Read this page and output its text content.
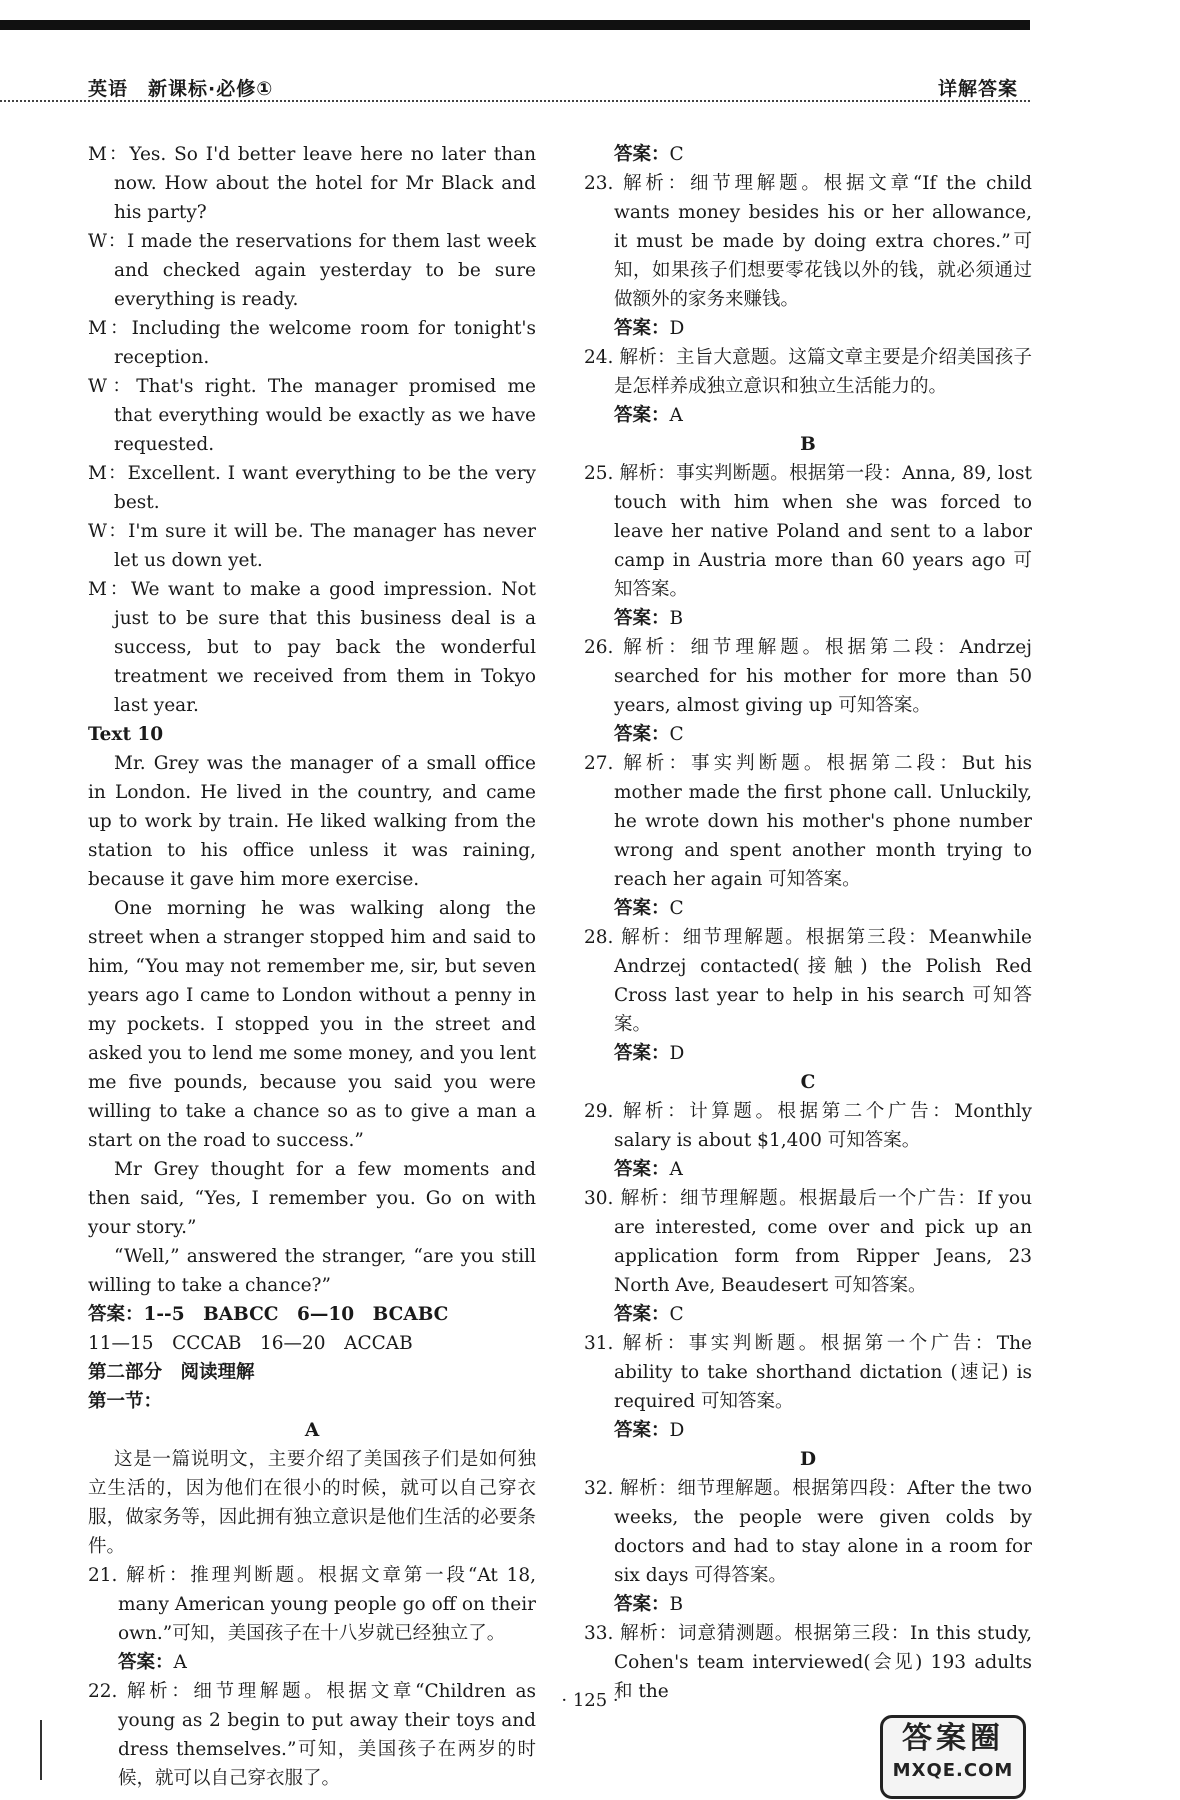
英语　新课标·必修①	详解答案

M：Yes. So I'd better leave here no later than now. How about the hotel for Mr Black and his party?

W：I made the reservations for them last week and checked again yesterday to be sure everything is ready.

M：Including the welcome room for tonight's reception.

W：That's right. The manager promised me that everything would be exactly as we have requested.

M：Excellent. I want everything to be the very best.

W：I'm sure it will be. The manager has never let us down yet.

M：We want to make a good impression. Not just to be sure that this business deal is a success, but to pay back the wonderful treatment we received from them in Tokyo last year.

Text 10

Mr. Grey was the manager of a small office in London. He lived in the country, and came up to work by train. He liked walking from the station to his office unless it was raining, because it gave him more exercise.

One morning he was walking along the street when a stranger stopped him and said to him, “You may not remember me, sir, but seven years ago I came to London without a penny in my pockets. I stopped you in the street and asked you to lend me some money, and you lent me five pounds, because you said you were willing to take a chance so as to give a man a start on the road to success.”

Mr Grey thought for a few moments and then said, “Yes, I remember you. Go on with your story.”

“Well,” answered the stranger, “are you still willing to take a chance?”

答案：1--5　BABCC　6—10　BCABC

11—15　CCCAB　16—20　ACCAB

第二部分　阅读理解

第一节：

A

这是一篇说明文，主要介绍了美国孩子们是如何独立生活的，因为他们在很小的时候，就可以自己穿衣服，做家务等，因此拥有独立意识是他们生活的必要条件。

21. 解析：推理判断题。根据文章第一段“At 18, many American young people go off on their own.”可知，美国孩子在十八岁就已经独立了。

答案：A

22. 解析：细节理解题。根据文章“Children as young as 2 begin to put away their toys and dress themselves.”可知，美国孩子在两岁的时候，就可以自己穿衣服了。

答案：C

23. 解析：细节理解题。根据文章“If the child wants money besides his or her allowance, it must be made by doing extra chores.”可知，如果孩子们想要零花钱以外的钱，就必须通过做额外的家务来赚钱。

答案：D

24. 解析：主旨大意题。这篇文章主要是介绍美国孩子是怎样养成独立意识和独立生活能力的。

答案：A

B

25. 解析：事实判断题。根据第一段：Anna, 89, lost touch with him when she was forced to leave her native Poland and sent to a labor camp in Austria more than 60 years ago 可知答案。

答案：B

26. 解析：细节理解题。根据第二段：Andrzej searched for his mother for more than 50 years, almost giving up 可知答案。

答案：C

27. 解析：事实判断题。根据第二段：But his mother made the first phone call. Unluckily, he wrote down his mother's phone number wrong and spent another month trying to reach her again 可知答案。

答案：C

28. 解析：细节理解题。根据第三段：Meanwhile Andrzej contacted(接触) the Polish Red Cross last year to help in his search 可知答案。

答案：D

C

29. 解析：计算题。根据第二个广告：Monthly salary is about $1,400 可知答案。

答案：A

30. 解析：细节理解题。根据最后一个广告：If you are interested, come over and pick up an application form from Ripper Jeans, 23 North Ave, Beaudesert 可知答案。

答案：C

31. 解析：事实判断题。根据第一个广告：The ability to take shorthand dictation (速记) is required 可知答案。

答案：D

D

32. 解析：细节理解题。根据第四段：After the two weeks, the people were given colds by doctors and had to stay alone in a room for six days 可得答案。

答案：B

33. 解析：词意猜测题。根据第三段：In this study, Cohen's team interviewed(会见) 193 adults 和 the

· 125 ·
答案圈
MXQE.COM
